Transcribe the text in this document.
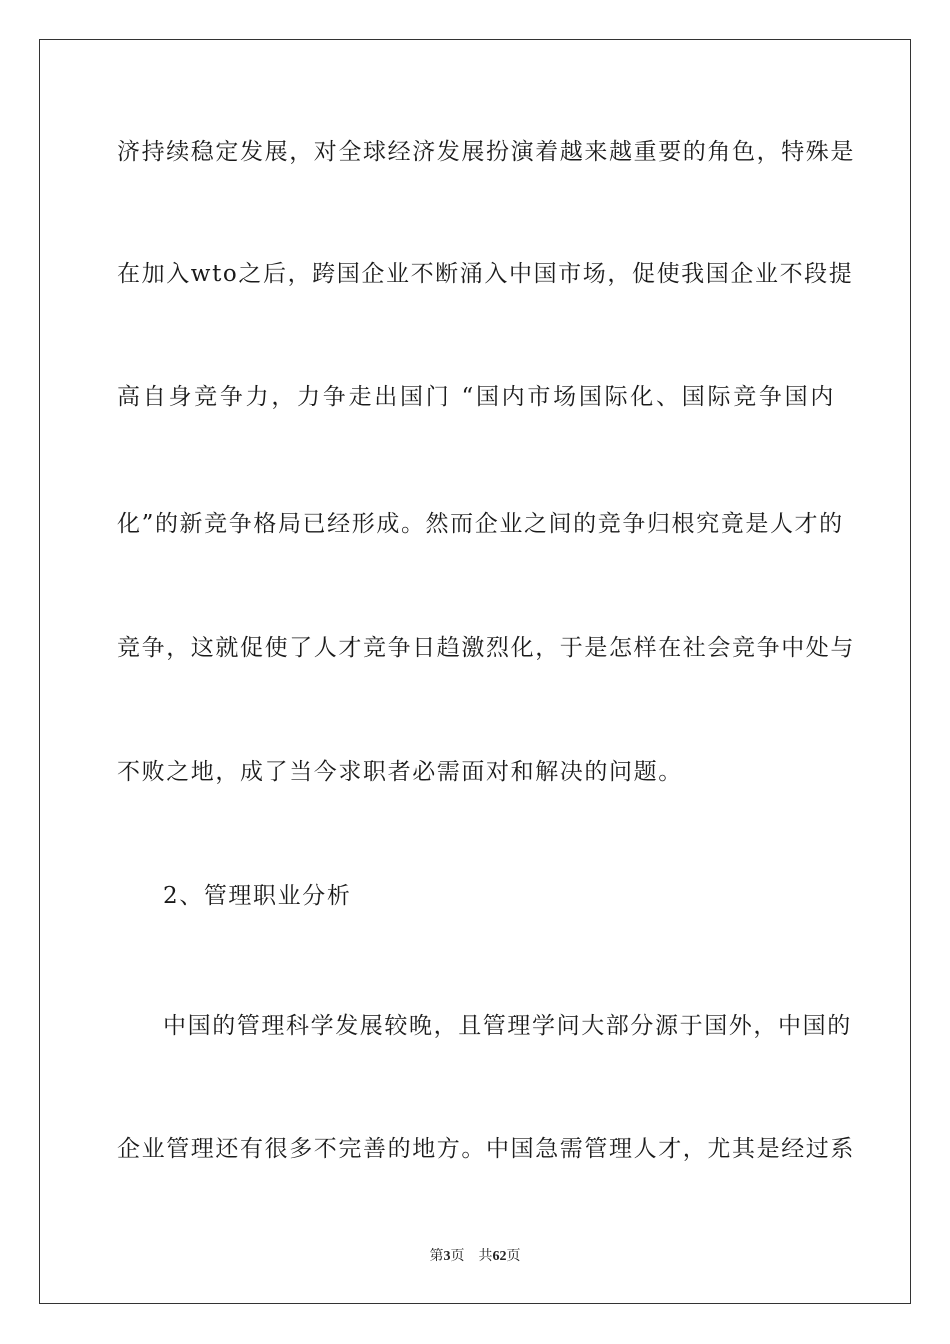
济持续稳定发展，对全球经济发展扮演着越来越重要的角色，特殊是
在加入wto之后，跨国企业不断涌入中国市场，促使我国企业不段提
高自身竞争力，力争走出国门 “国内市场国际化、国际竞争国内
化”的新竞争格局已经形成。然而企业之间的竞争归根究竟是人才的
竞争，这就促使了人才竞争日趋激烈化，于是怎样在社会竞争中处与
不败之地，成了当今求职者必需面对和解决的问题。
2、管理职业分析
中国的管理科学发展较晚，且管理学问大部分源于国外，中国的
企业管理还有很多不完善的地方。中国急需管理人才，尤其是经过系
第3页 共62页
